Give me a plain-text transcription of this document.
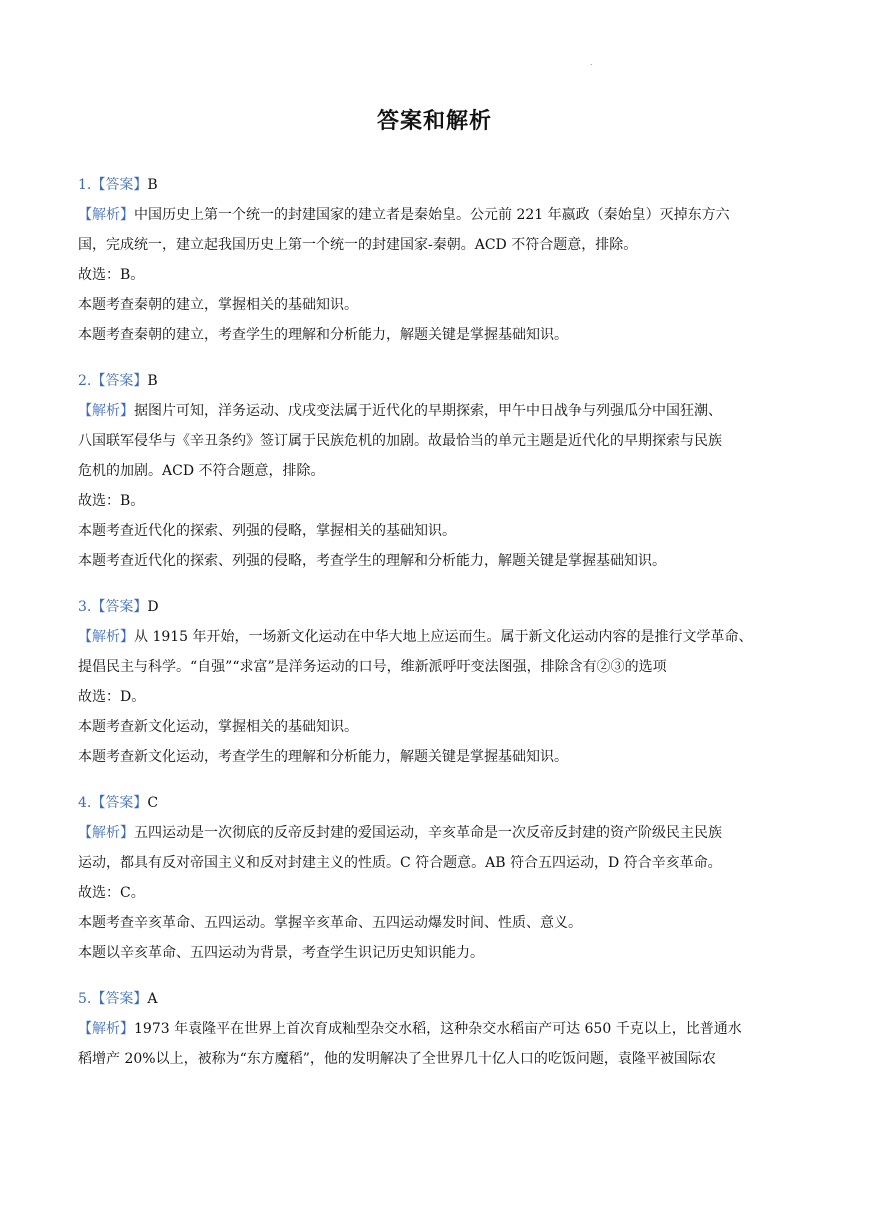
.
答案和解析
1.【答案】B
【解析】中国历史上第一个统一的封建国家的建立者是秦始皇。公元前 221 年嬴政（秦始皇）灭掉东方六
国，完成统一，建立起我国历史上第一个统一的封建国家-秦朝。ACD 不符合题意，排除。
故选：B。
本题考查秦朝的建立，掌握相关的基础知识。
本题考查秦朝的建立，考查学生的理解和分析能力，解题关键是掌握基础知识。
2.【答案】B
【解析】据图片可知，洋务运动、戊戌变法属于近代化的早期探索，甲午中日战争与列强瓜分中国狂潮、
八国联军侵华与《辛丑条约》签订属于民族危机的加剧。故最恰当的单元主题是近代化的早期探索与民族
危机的加剧。ACD 不符合题意，排除。
故选：B。
本题考查近代化的探索、列强的侵略，掌握相关的基础知识。
本题考查近代化的探索、列强的侵略，考查学生的理解和分析能力，解题关键是掌握基础知识。
3.【答案】D
【解析】从 1915 年开始，一场新文化运动在中华大地上应运而生。属于新文化运动内容的是推行文学革命、
提倡民主与科学。“自强”“求富”是洋务运动的口号，维新派呼吁变法图强，排除含有②③的选项
故选：D。
本题考查新文化运动，掌握相关的基础知识。
本题考查新文化运动，考查学生的理解和分析能力，解题关键是掌握基础知识。
4.【答案】C
【解析】五四运动是一次彻底的反帝反封建的爱国运动，辛亥革命是一次反帝反封建的资产阶级民主民族
运动，都具有反对帝国主义和反对封建主义的性质。C 符合题意。AB 符合五四运动，D 符合辛亥革命。
故选：C。
本题考查辛亥革命、五四运动。掌握辛亥革命、五四运动爆发时间、性质、意义。
本题以辛亥革命、五四运动为背景，考查学生识记历史知识能力。
5.【答案】A
【解析】1973 年袁隆平在世界上首次育成籼型杂交水稻，这种杂交水稻亩产可达 650 千克以上，比普通水
稻增产 20%以上，被称为“东方魔稻”，他的发明解决了全世界几十亿人口的吃饭问题，袁隆平被国际农
